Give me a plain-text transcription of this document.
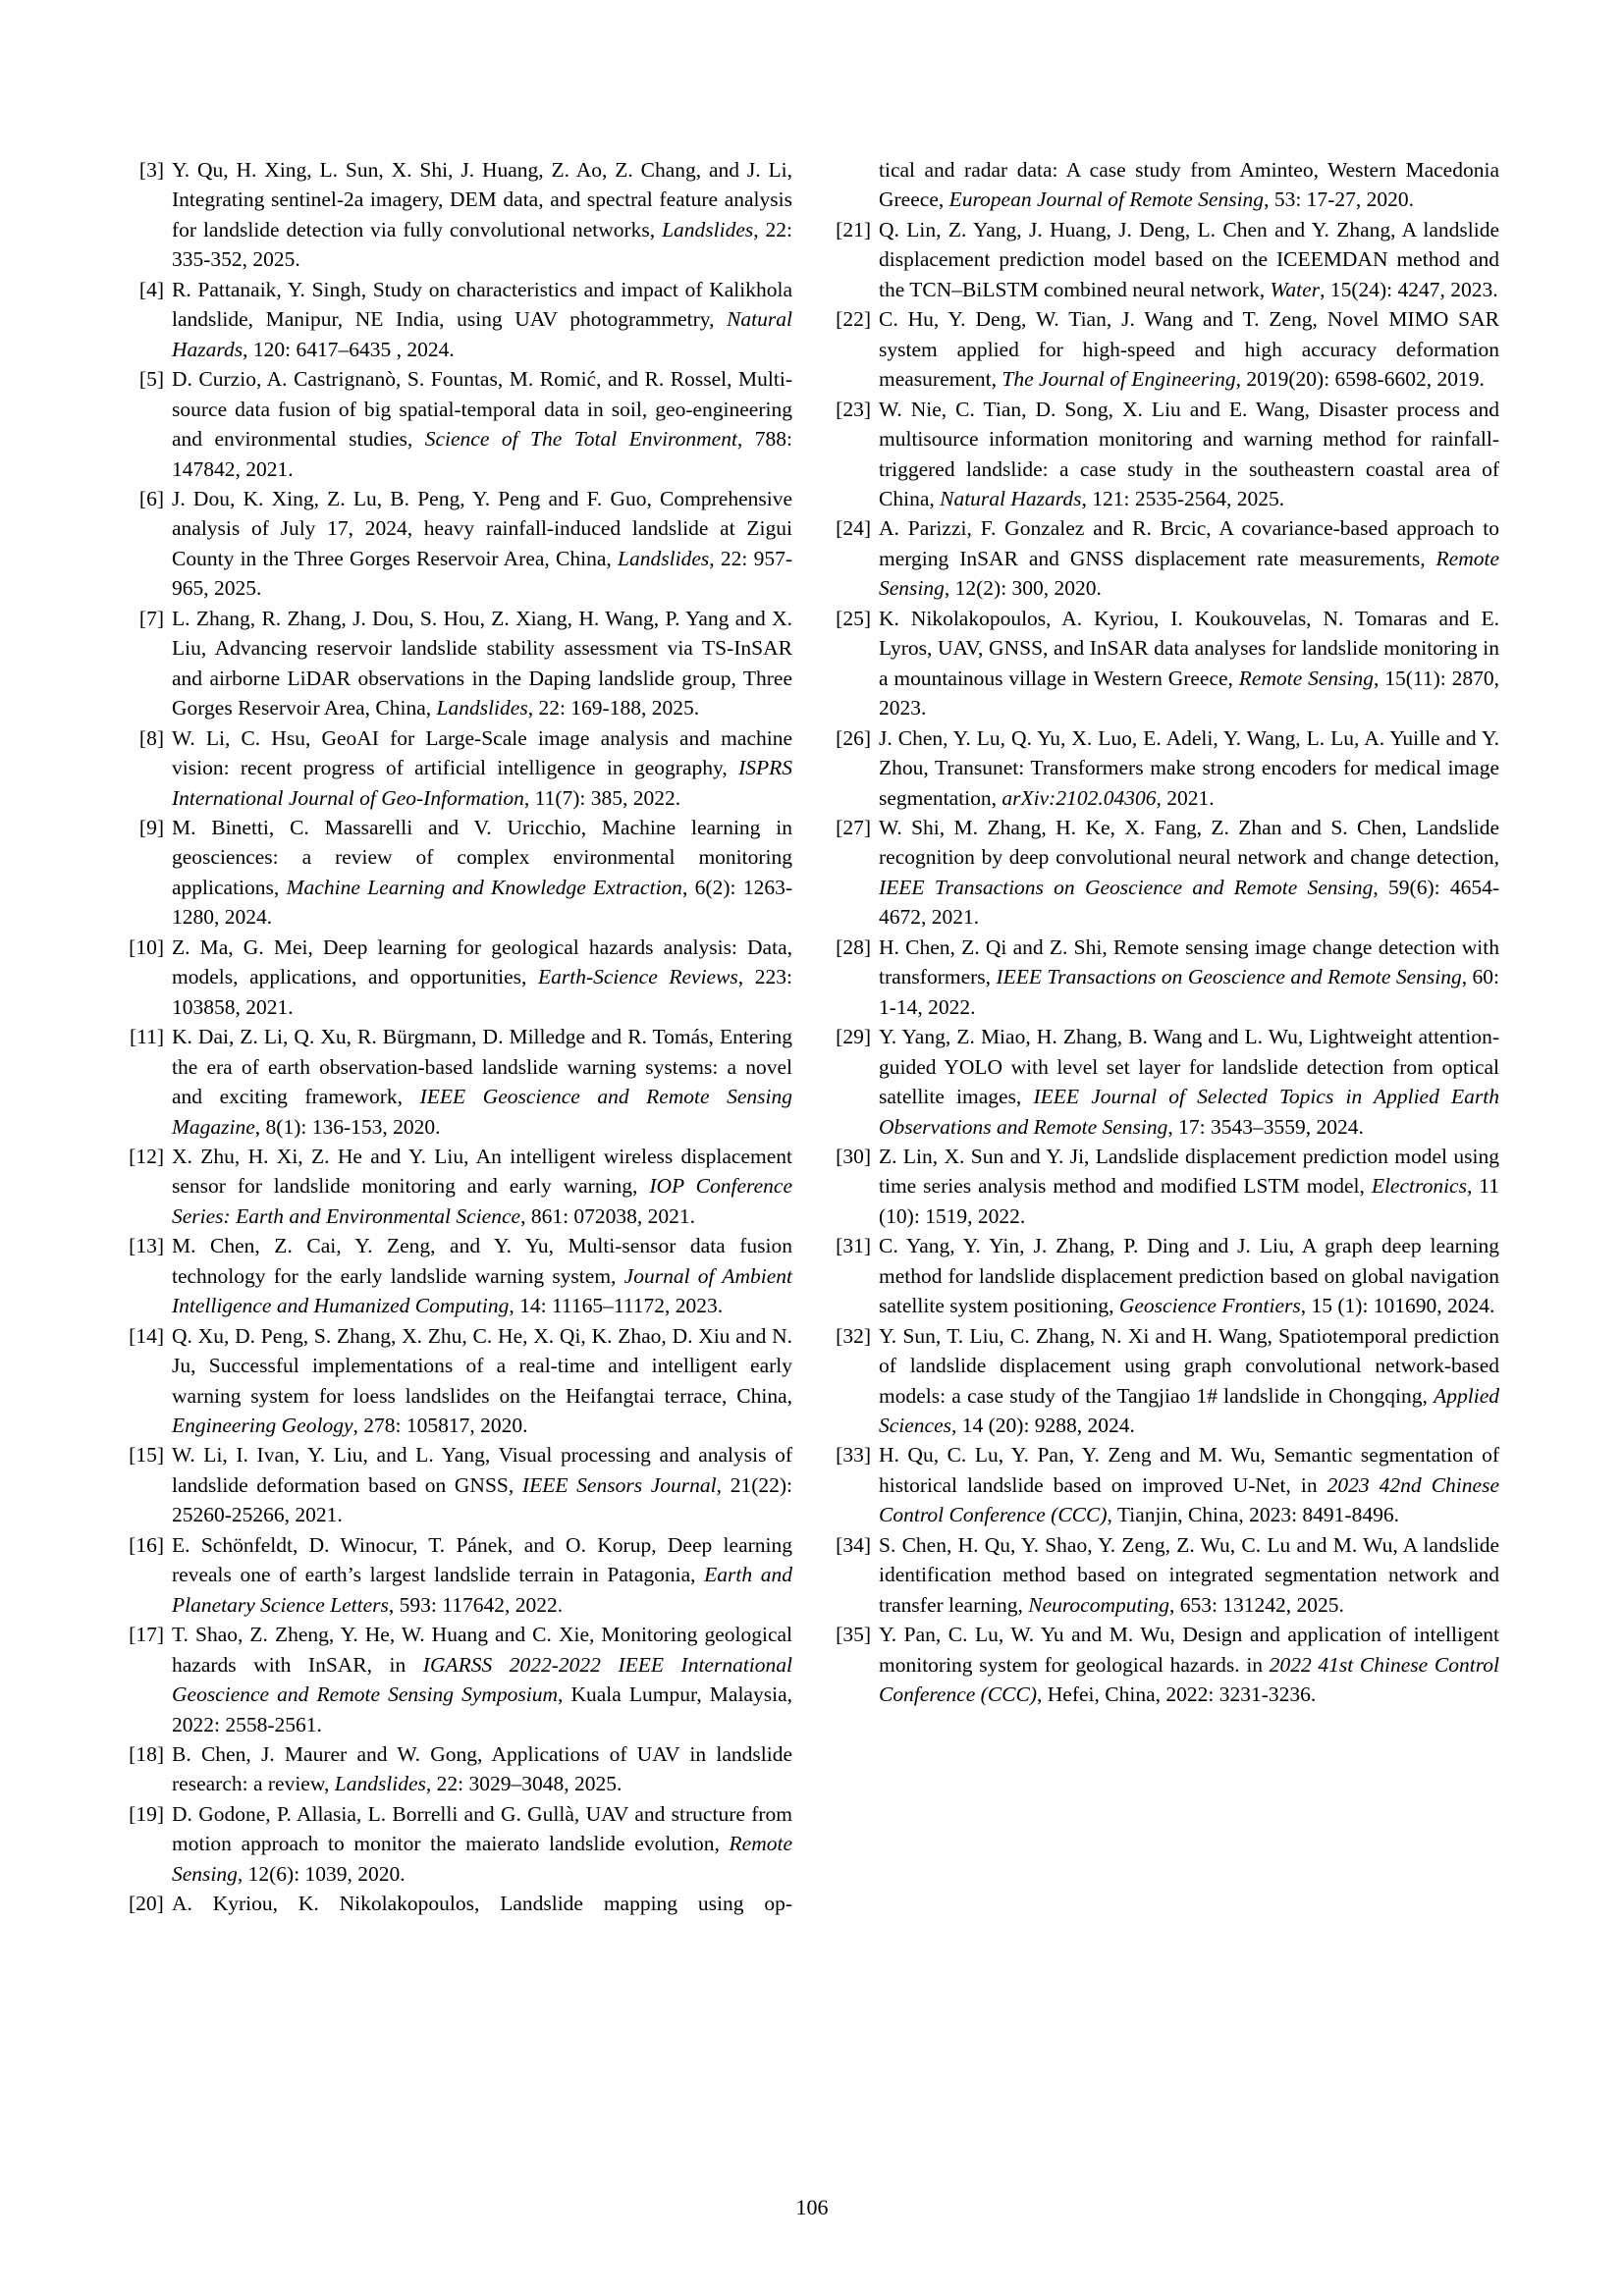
[3] Y. Qu, H. Xing, L. Sun, X. Shi, J. Huang, Z. Ao, Z. Chang, and J. Li, Integrating sentinel-2a imagery, DEM data, and spectral feature analysis for landslide detection via fully convolutional networks, Landslides, 22: 335-352, 2025.
[4] R. Pattanaik, Y. Singh, Study on characteristics and impact of Kalikhola landslide, Manipur, NE India, using UAV photogrammetry, Natural Hazards, 120: 6417–6435 , 2024.
[5] D. Curzio, A. Castrignanò, S. Fountas, M. Romić, and R. Rossel, Multi-source data fusion of big spatial-temporal data in soil, geo-engineering and environmental studies, Science of The Total Environment, 788: 147842, 2021.
[6] J. Dou, K. Xing, Z. Lu, B. Peng, Y. Peng and F. Guo, Comprehensive analysis of July 17, 2024, heavy rainfall-induced landslide at Zigui County in the Three Gorges Reservoir Area, China, Landslides, 22: 957-965, 2025.
[7] L. Zhang, R. Zhang, J. Dou, S. Hou, Z. Xiang, H. Wang, P. Yang and X. Liu, Advancing reservoir landslide stability assessment via TS-InSAR and airborne LiDAR observations in the Daping landslide group, Three Gorges Reservoir Area, China, Landslides, 22: 169-188, 2025.
[8] W. Li, C. Hsu, GeoAI for Large-Scale image analysis and machine vision: recent progress of artificial intelligence in geography, ISPRS International Journal of Geo-Information, 11(7): 385, 2022.
[9] M. Binetti, C. Massarelli and V. Uricchio, Machine learning in geosciences: a review of complex environmental monitoring applications, Machine Learning and Knowledge Extraction, 6(2): 1263-1280, 2024.
[10] Z. Ma, G. Mei, Deep learning for geological hazards analysis: Data, models, applications, and opportunities, Earth-Science Reviews, 223: 103858, 2021.
[11] K. Dai, Z. Li, Q. Xu, R. Bürgmann, D. Milledge and R. Tomás, Entering the era of earth observation-based landslide warning systems: a novel and exciting framework, IEEE Geoscience and Remote Sensing Magazine, 8(1): 136-153, 2020.
[12] X. Zhu, H. Xi, Z. He and Y. Liu, An intelligent wireless displacement sensor for landslide monitoring and early warning, IOP Conference Series: Earth and Environmental Science, 861: 072038, 2021.
[13] M. Chen, Z. Cai, Y. Zeng, and Y. Yu, Multi-sensor data fusion technology for the early landslide warning system, Journal of Ambient Intelligence and Humanized Computing, 14: 11165–11172, 2023.
[14] Q. Xu, D. Peng, S. Zhang, X. Zhu, C. He, X. Qi, K. Zhao, D. Xiu and N. Ju, Successful implementations of a real-time and intelligent early warning system for loess landslides on the Heifangtai terrace, China, Engineering Geology, 278: 105817, 2020.
[15] W. Li, I. Ivan, Y. Liu, and L. Yang, Visual processing and analysis of landslide deformation based on GNSS, IEEE Sensors Journal, 21(22): 25260-25266, 2021.
[16] E. Schönfeldt, D. Winocur, T. Pánek, and O. Korup, Deep learning reveals one of earth’s largest landslide terrain in Patagonia, Earth and Planetary Science Letters, 593: 117642, 2022.
[17] T. Shao, Z. Zheng, Y. He, W. Huang and C. Xie, Monitoring geological hazards with InSAR, in IGARSS 2022-2022 IEEE International Geoscience and Remote Sensing Symposium, Kuala Lumpur, Malaysia, 2022: 2558-2561.
[18] B. Chen, J. Maurer and W. Gong, Applications of UAV in landslide research: a review, Landslides, 22: 3029–3048, 2025.
[19] D. Godone, P. Allasia, L. Borrelli and G. Gullà, UAV and structure from motion approach to monitor the maierato landslide evolution, Remote Sensing, 12(6): 1039, 2020.
[20] A. Kyriou, K. Nikolakopoulos, Landslide mapping using op-
tical and radar data: A case study from Aminteo, Western Macedonia Greece, European Journal of Remote Sensing, 53: 17-27, 2020.
[21] Q. Lin, Z. Yang, J. Huang, J. Deng, L. Chen and Y. Zhang, A landslide displacement prediction model based on the ICEEMDAN method and the TCN–BiLSTM combined neural network, Water, 15(24): 4247, 2023.
[22] C. Hu, Y. Deng, W. Tian, J. Wang and T. Zeng, Novel MIMO SAR system applied for high-speed and high accuracy deformation measurement, The Journal of Engineering, 2019(20): 6598-6602, 2019.
[23] W. Nie, C. Tian, D. Song, X. Liu and E. Wang, Disaster process and multisource information monitoring and warning method for rainfall-triggered landslide: a case study in the southeastern coastal area of China, Natural Hazards, 121: 2535-2564, 2025.
[24] A. Parizzi, F. Gonzalez and R. Brcic, A covariance-based approach to merging InSAR and GNSS displacement rate measurements, Remote Sensing, 12(2): 300, 2020.
[25] K. Nikolakopoulos, A. Kyriou, I. Koukouvelas, N. Tomaras and E. Lyros, UAV, GNSS, and InSAR data analyses for landslide monitoring in a mountainous village in Western Greece, Remote Sensing, 15(11): 2870, 2023.
[26] J. Chen, Y. Lu, Q. Yu, X. Luo, E. Adeli, Y. Wang, L. Lu, A. Yuille and Y. Zhou, Transunet: Transformers make strong encoders for medical image segmentation, arXiv:2102.04306, 2021.
[27] W. Shi, M. Zhang, H. Ke, X. Fang, Z. Zhan and S. Chen, Landslide recognition by deep convolutional neural network and change detection, IEEE Transactions on Geoscience and Remote Sensing, 59(6): 4654-4672, 2021.
[28] H. Chen, Z. Qi and Z. Shi, Remote sensing image change detection with transformers, IEEE Transactions on Geoscience and Remote Sensing, 60: 1-14, 2022.
[29] Y. Yang, Z. Miao, H. Zhang, B. Wang and L. Wu, Lightweight attention-guided YOLO with level set layer for landslide detection from optical satellite images, IEEE Journal of Selected Topics in Applied Earth Observations and Remote Sensing, 17: 3543–3559, 2024.
[30] Z. Lin, X. Sun and Y. Ji, Landslide displacement prediction model using time series analysis method and modified LSTM model, Electronics, 11 (10): 1519, 2022.
[31] C. Yang, Y. Yin, J. Zhang, P. Ding and J. Liu, A graph deep learning method for landslide displacement prediction based on global navigation satellite system positioning, Geoscience Frontiers, 15 (1): 101690, 2024.
[32] Y. Sun, T. Liu, C. Zhang, N. Xi and H. Wang, Spatiotemporal prediction of landslide displacement using graph convolutional network-based models: a case study of the Tangjiao 1# landslide in Chongqing, Applied Sciences, 14 (20): 9288, 2024.
[33] H. Qu, C. Lu, Y. Pan, Y. Zeng and M. Wu, Semantic segmentation of historical landslide based on improved U-Net, in 2023 42nd Chinese Control Conference (CCC), Tianjin, China, 2023: 8491-8496.
[34] S. Chen, H. Qu, Y. Shao, Y. Zeng, Z. Wu, C. Lu and M. Wu, A landslide identification method based on integrated segmentation network and transfer learning, Neurocomputing, 653: 131242, 2025.
[35] Y. Pan, C. Lu, W. Yu and M. Wu, Design and application of intelligent monitoring system for geological hazards. in 2022 41st Chinese Control Conference (CCC), Hefei, China, 2022: 3231-3236.
106
